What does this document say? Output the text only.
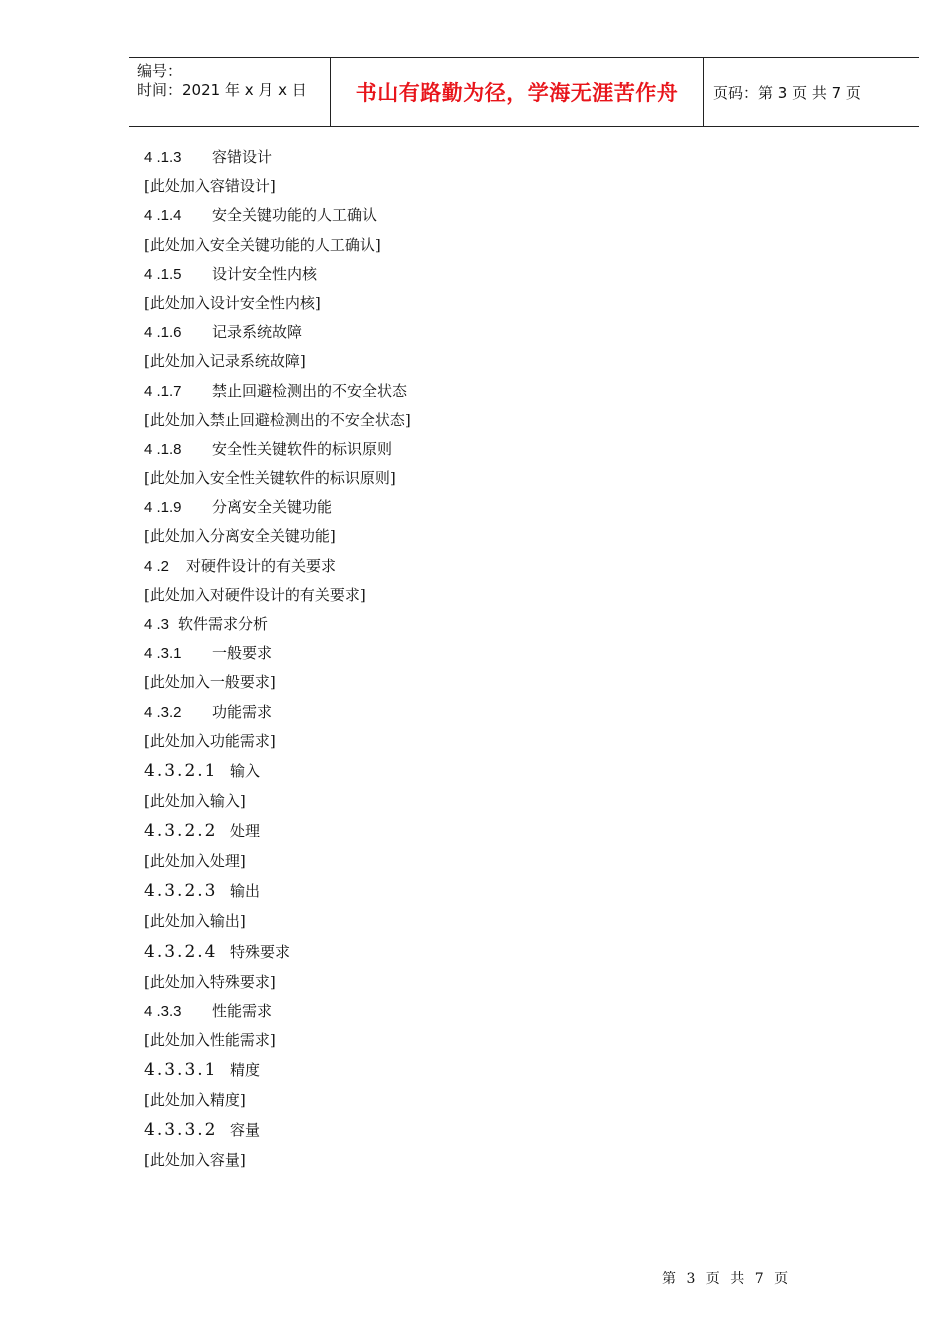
编号：
时间：2021 年 x 月 x 日	书山有路勤为径，学海无涯苦作舟	页码：第 3 页 共 7 页
4 .1.3 容错设计
[此处加入容错设计]
4 .1.4 安全关键功能的人工确认
[此处加入安全关键功能的人工确认]
4 .1.5 设计安全性内核
[此处加入设计安全性内核]
4 .1.6 记录系统故障
[此处加入记录系统故障]
4 .1.7 禁止回避检测出的不安全状态
[此处加入禁止回避检测出的不安全状态]
4 .1.8 安全性关键软件的标识原则
[此处加入安全性关键软件的标识原则]
4 .1.9 分离安全关键功能
[此处加入分离安全关键功能]
4 .2 对硬件设计的有关要求
[此处加入对硬件设计的有关要求]
4 .3 软件需求分析
4 .3.1 一般要求
[此处加入一般要求]
4 .3.2 功能需求
[此处加入功能需求]
4.3.2.1 输入
[此处加入输入]
4.3.2.2 处理
[此处加入处理]
4.3.2.3 输出
[此处加入输出]
4.3.2.4 特殊要求
[此处加入特殊要求]
4 .3.3 性能需求
[此处加入性能需求]
4.3.3.1 精度
[此处加入精度]
4.3.3.2 容量
[此处加入容量]
第 3 页 共 7 页
